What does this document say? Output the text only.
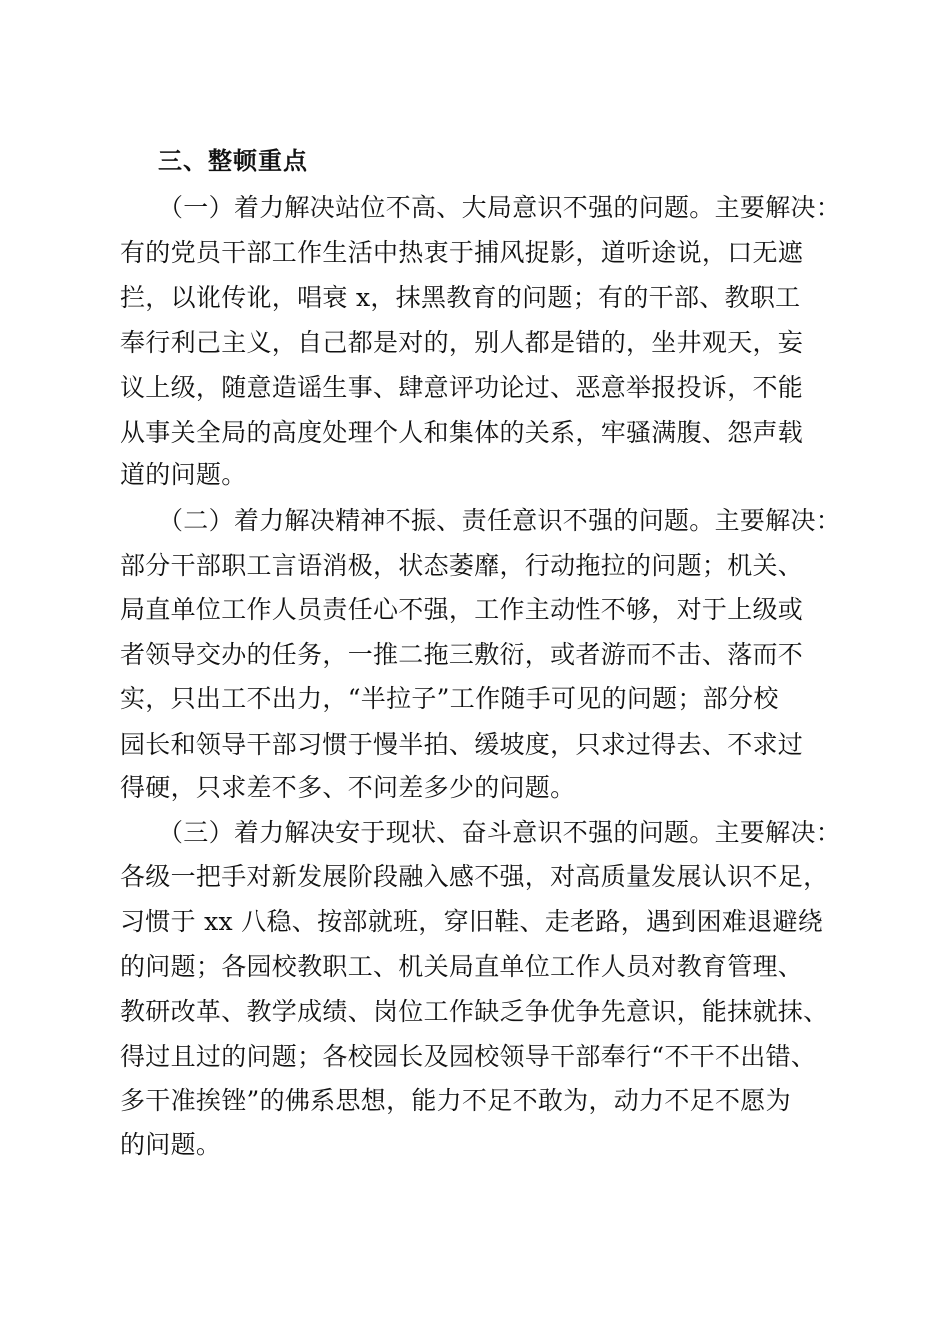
三、整顿重点
（一）着力解决站位不高、大局意识不强的问题。主要解决：
有的党员干部工作生活中热衷于捕风捉影，道听途说，口无遮
拦，以讹传讹，唱衰 x，抹黑教育的问题；有的干部、教职工
奉行利己主义，自己都是对的，别人都是错的，坐井观天，妄
议上级，随意造谣生事、肆意评功论过、恶意举报投诉，不能
从事关全局的高度处理个人和集体的关系，牢骚满腹、怨声载
道的问题。
（二）着力解决精神不振、责任意识不强的问题。主要解决：
部分干部职工言语消极，状态萎靡，行动拖拉的问题；机关、
局直单位工作人员责任心不强，工作主动性不够，对于上级或
者领导交办的任务，一推二拖三敷衍，或者游而不击、落而不
实，只出工不出力，“半拉子”工作随手可见的问题；部分校
园长和领导干部习惯于慢半拍、缓坡度，只求过得去、不求过
得硬，只求差不多、不问差多少的问题。
（三）着力解决安于现状、奋斗意识不强的问题。主要解决：
各级一把手对新发展阶段融入感不强，对高质量发展认识不足，
习惯于 xx 八稳、按部就班，穿旧鞋、走老路，遇到困难退避绕
的问题；各园校教职工、机关局直单位工作人员对教育管理、
教研改革、教学成绩、岗位工作缺乏争优争先意识，能抹就抹、
得过且过的问题；各校园长及园校领导干部奉行“不干不出错、
多干准挨锉”的佛系思想，能力不足不敢为，动力不足不愿为
的问题。
